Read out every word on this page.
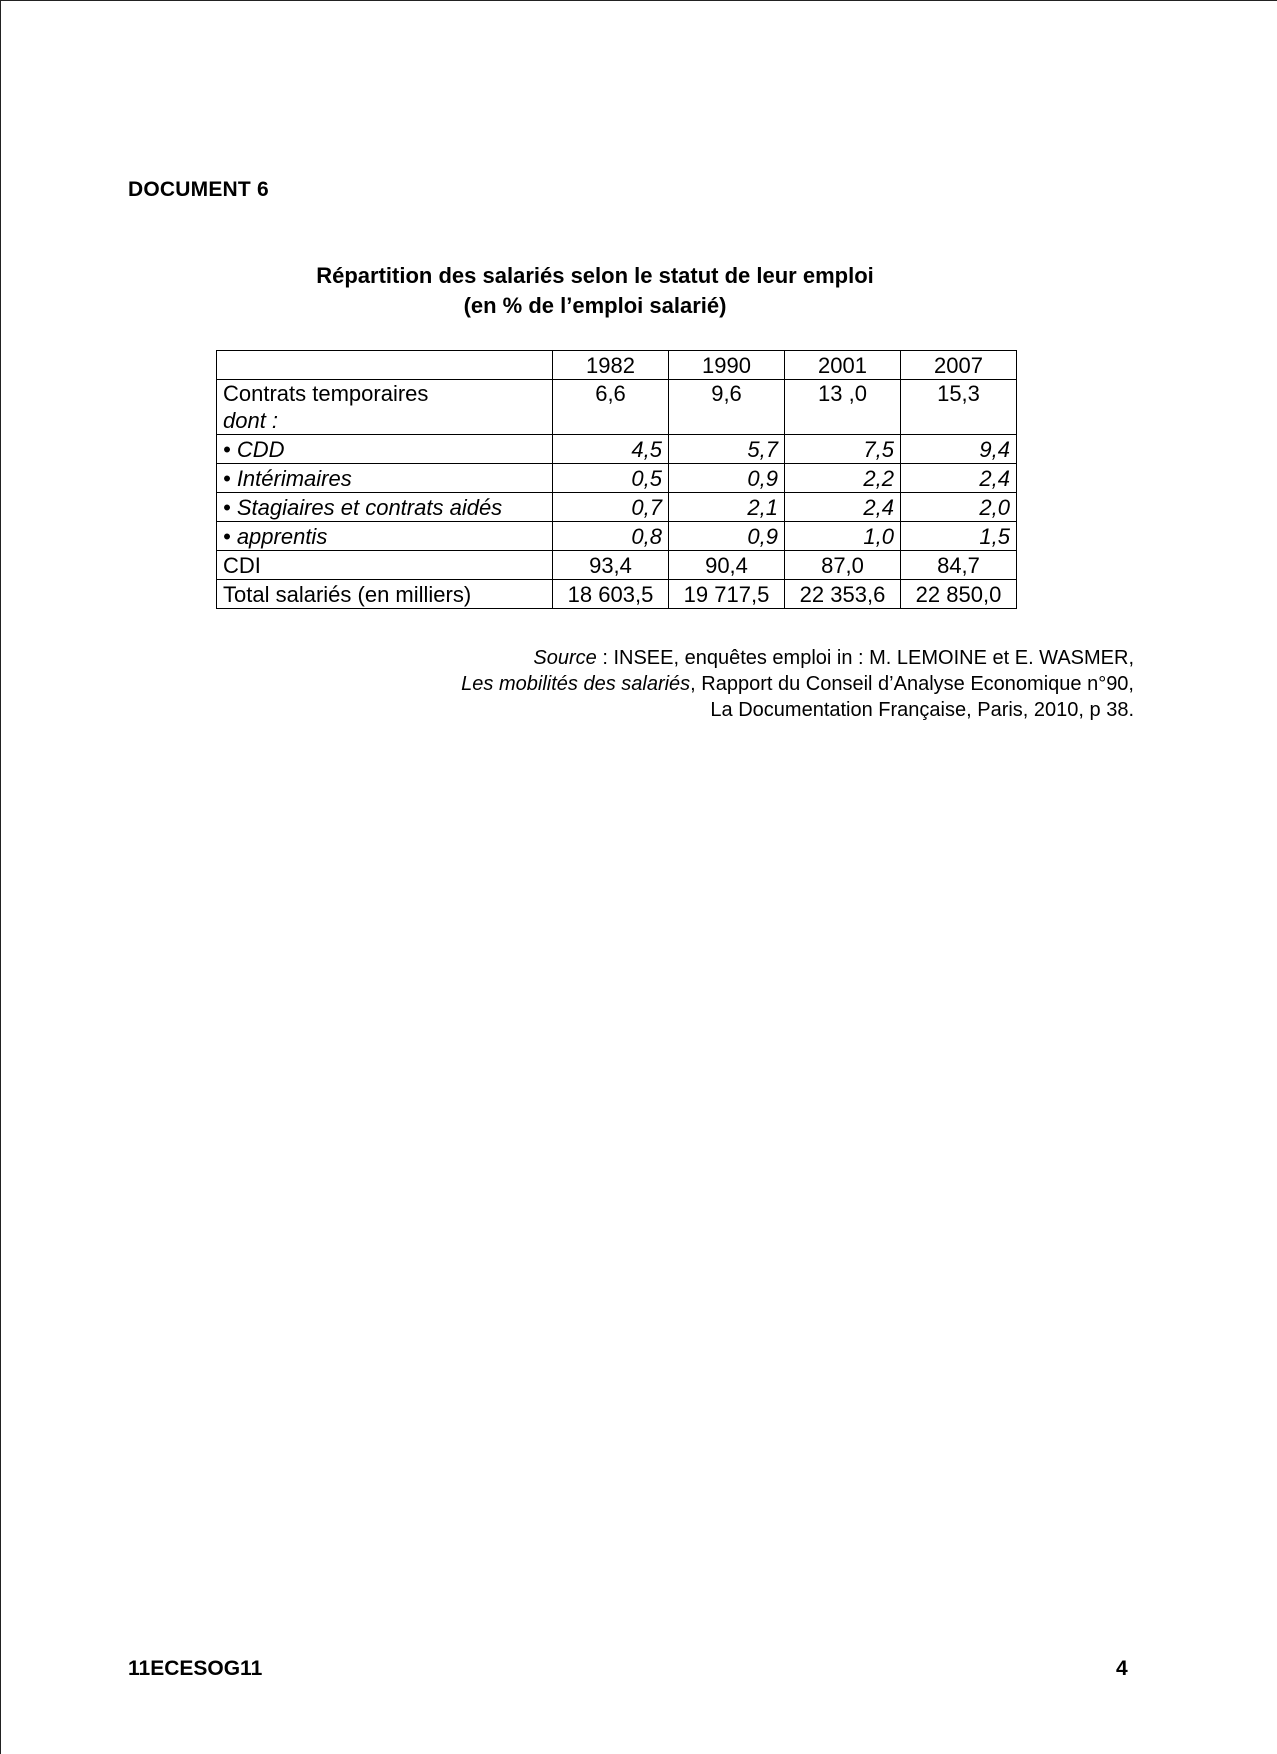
DOCUMENT 6
Répartition des salariés selon le statut de leur emploi
(en % de l’emploi salarié)
	1982	1990	2001	2007

Contrats temporaires
dont :	6,6	9,6	13 ,0	15,3
• CDD	4,5	5,7	7,5	9,4
• Intérimaires	0,5	0,9	2,2	2,4
• Stagiaires et contrats aidés	0,7	2,1	2,4	2,0
• apprentis	0,8	0,9	1,0	1,5
CDI	93,4	90,4	87,0	84,7
Total salariés (en milliers)	18 603,5	19 717,5	22 353,6	22 850,0
Source : INSEE, enquêtes emploi in : M. LEMOINE et E. WASMER,
Les mobilités des salariés, Rapport du Conseil d’Analyse Economique n°90,
La Documentation Française, Paris, 2010, p 38.
11ECESOG11	4
